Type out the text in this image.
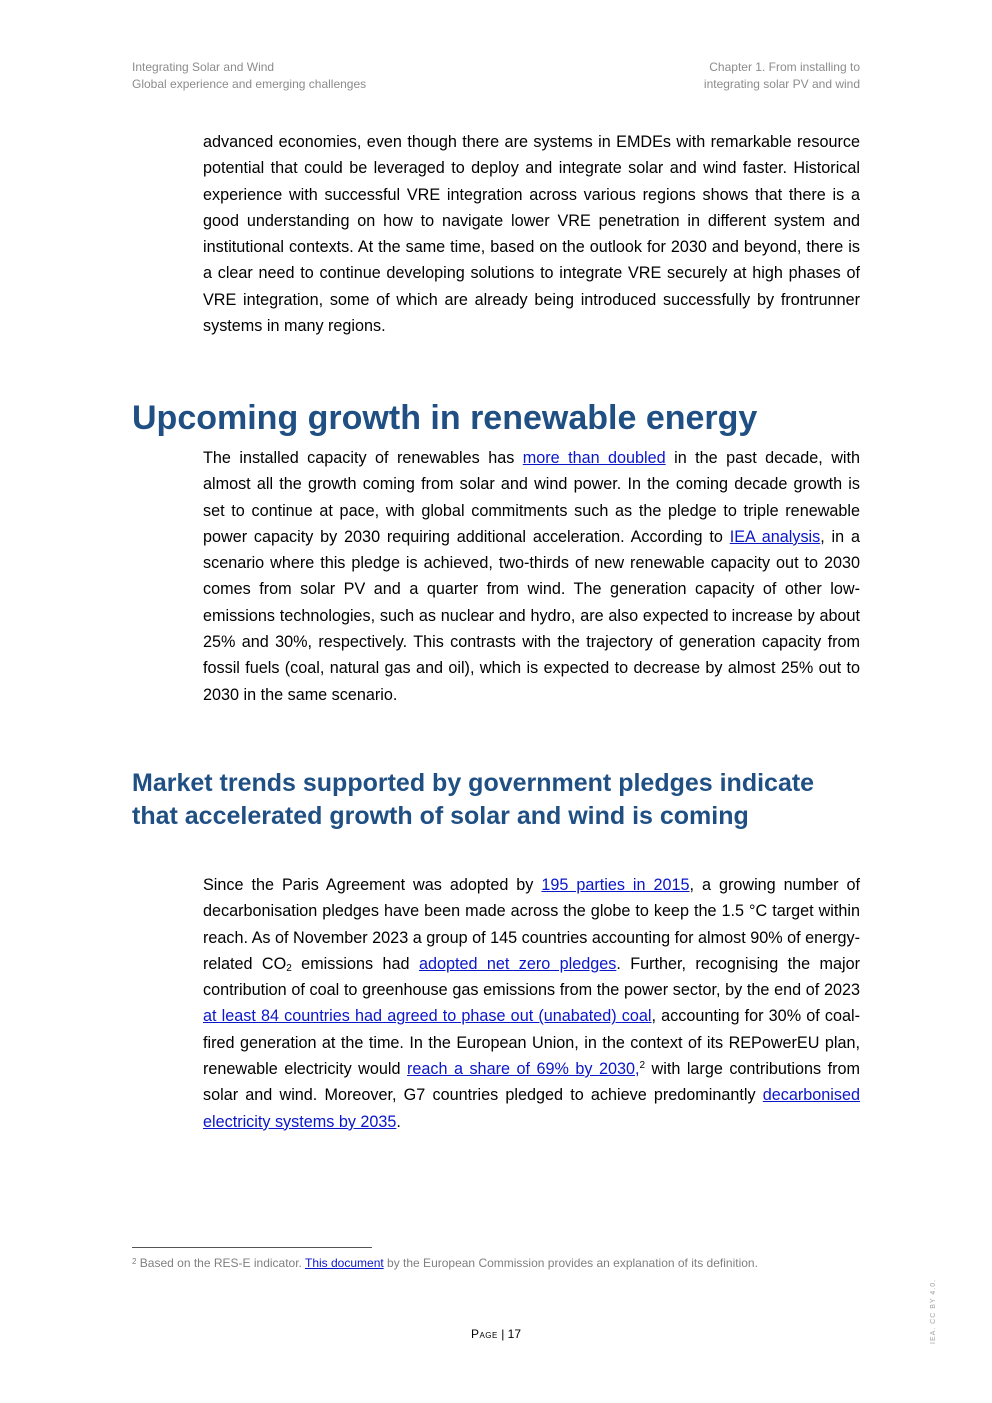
Integrating Solar and Wind
Global experience and emerging challenges
Chapter 1. From installing to
integrating solar PV and wind

advanced economies, even though there are systems in EMDEs with remarkable resource potential that could be leveraged to deploy and integrate solar and wind faster. Historical experience with successful VRE integration across various regions shows that there is a good understanding on how to navigate lower VRE penetration in different system and institutional contexts. At the same time, based on the outlook for 2030 and beyond, there is a clear need to continue developing solutions to integrate VRE securely at high phases of VRE integration, some of which are already being introduced successfully by frontrunner systems in many regions.

Upcoming growth in renewable energy

The installed capacity of renewables has more than doubled in the past decade, with almost all the growth coming from solar and wind power. In the coming decade growth is set to continue at pace, with global commitments such as the pledge to triple renewable power capacity by 2030 requiring additional acceleration. According to IEA analysis, in a scenario where this pledge is achieved, two-thirds of new renewable capacity out to 2030 comes from solar PV and a quarter from wind. The generation capacity of other low-emissions technologies, such as nuclear and hydro, are also expected to increase by about 25% and 30%, respectively. This contrasts with the trajectory of generation capacity from fossil fuels (coal, natural gas and oil), which is expected to decrease by almost 25% out to 2030 in the same scenario.

Market trends supported by government pledges indicate that accelerated growth of solar and wind is coming

Since the Paris Agreement was adopted by 195 parties in 2015, a growing number of decarbonisation pledges have been made across the globe to keep the 1.5 °C target within reach. As of November 2023 a group of 145 countries accounting for almost 90% of energy-related $CO_2$ emissions had adopted net zero pledges. Further, recognising the major contribution of coal to greenhouse gas emissions from the power sector, by the end of 2023 at least 84 countries had agreed to phase out (unabated) coal, accounting for 30% of coal-fired generation at the time. In the European Union, in the context of its REPowerEU plan, renewable electricity would reach a share of 69% by 2030,$^2$ with large contributions from solar and wind. Moreover, G7 countries pledged to achieve predominantly decarbonised electricity systems by 2035.

$^2$ Based on the RES-E indicator. This document by the European Commission provides an explanation of its definition.
Page | 17	IEA. CC BY 4.0.
